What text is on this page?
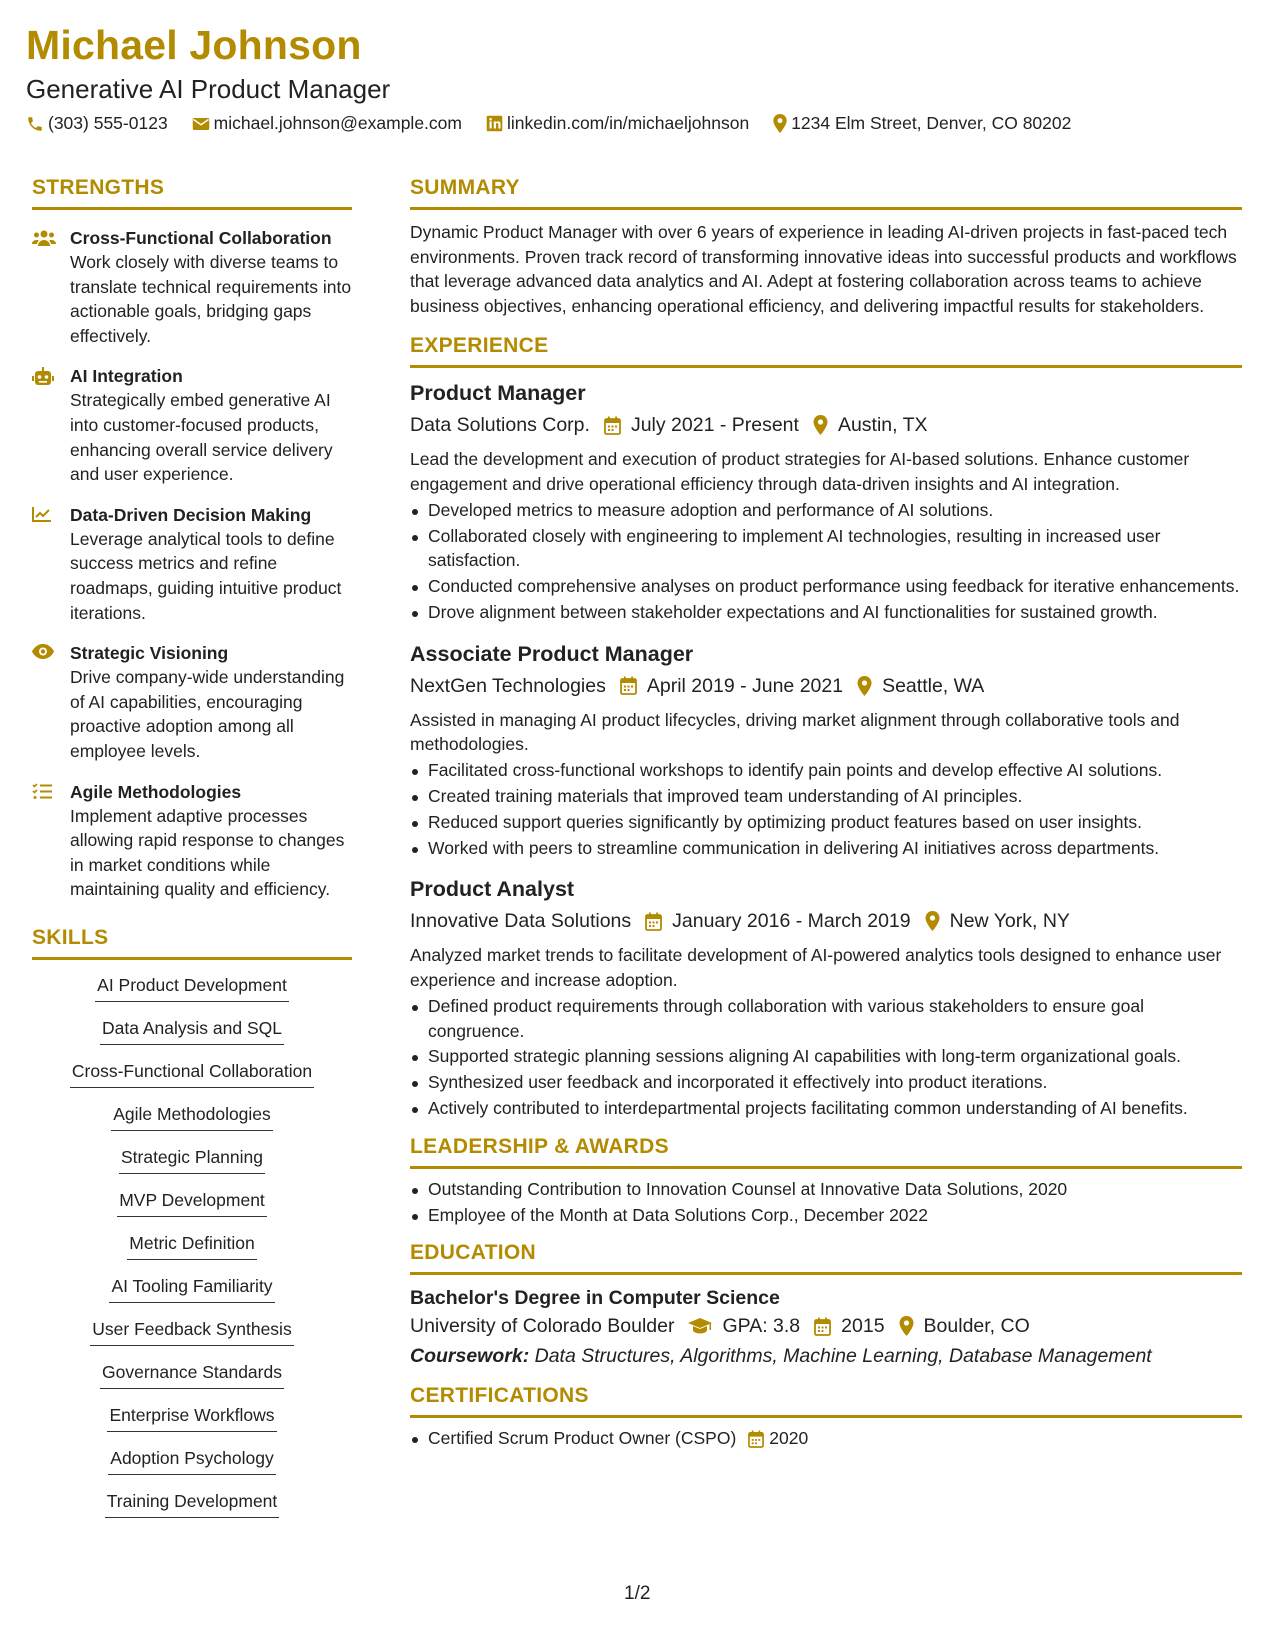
Michael Johnson
Generative AI Product Manager
(303) 555-0123	michael.johnson@example.com	linkedin.com/in/michaeljohnson 1234 Elm Street, Denver, CO 80202
STRENGTHS
Cross-Functional Collaboration
Work closely with diverse teams to translate technical requirements into actionable goals, bridging gaps effectively.
AI Integration
Strategically embed generative AI into customer-focused products, enhancing overall service delivery and user experience.
Data-Driven Decision Making
Leverage analytical tools to define success metrics and refine roadmaps, guiding intuitive product iterations.
Strategic Visioning
Drive company-wide understanding of AI capabilities, encouraging proactive adoption among all employee levels.
Agile Methodologies
Implement adaptive processes allowing rapid response to changes in market conditions while maintaining quality and efficiency.
SKILLS
AI Product Development
Data Analysis and SQL
Cross-Functional Collaboration
Agile Methodologies
Strategic Planning
MVP Development
Metric Definition
AI Tooling Familiarity
User Feedback Synthesis
Governance Standards
Enterprise Workflows
Adoption Psychology
Training Development
SUMMARY
Dynamic Product Manager with over 6 years of experience in leading AI-driven projects in fast-paced tech environments. Proven track record of transforming innovative ideas into successful products and workflows that leverage advanced data analytics and AI. Adept at fostering collaboration across teams to achieve business objectives, enhancing operational efficiency, and delivering impactful results for stakeholders.
EXPERIENCE
Product Manager
Data Solutions Corp. July 2021 - Present Austin, TX
Lead the development and execution of product strategies for AI-based solutions. Enhance customer engagement and drive operational efficiency through data-driven insights and AI integration.
Developed metrics to measure adoption and performance of AI solutions.
Collaborated closely with engineering to implement AI technologies, resulting in increased user satisfaction.
Conducted comprehensive analyses on product performance using feedback for iterative enhancements.
Drove alignment between stakeholder expectations and AI functionalities for sustained growth.
Associate Product Manager
NextGen Technologies April 2019 - June 2021 Seattle, WA
Assisted in managing AI product lifecycles, driving market alignment through collaborative tools and methodologies.
Facilitated cross-functional workshops to identify pain points and develop effective AI solutions.
Created training materials that improved team understanding of AI principles.
Reduced support queries significantly by optimizing product features based on user insights.
Worked with peers to streamline communication in delivering AI initiatives across departments.
Product Analyst
Innovative Data Solutions January 2016 - March 2019 New York, NY
Analyzed market trends to facilitate development of AI-powered analytics tools designed to enhance user experience and increase adoption.
Defined product requirements through collaboration with various stakeholders to ensure goal congruence.
Supported strategic planning sessions aligning AI capabilities with long-term organizational goals.
Synthesized user feedback and incorporated it effectively into product iterations.
Actively contributed to interdepartmental projects facilitating common understanding of AI benefits.
LEADERSHIP & AWARDS
Outstanding Contribution to Innovation Counsel at Innovative Data Solutions, 2020
Employee of the Month at Data Solutions Corp., December 2022
EDUCATION
Bachelor's Degree in Computer Science
University of Colorado Boulder GPA: 3.8 2015 Boulder, CO
Coursework: Data Structures, Algorithms, Machine Learning, Database Management
CERTIFICATIONS
Certified Scrum Product Owner (CSPO) 2020
1/2
